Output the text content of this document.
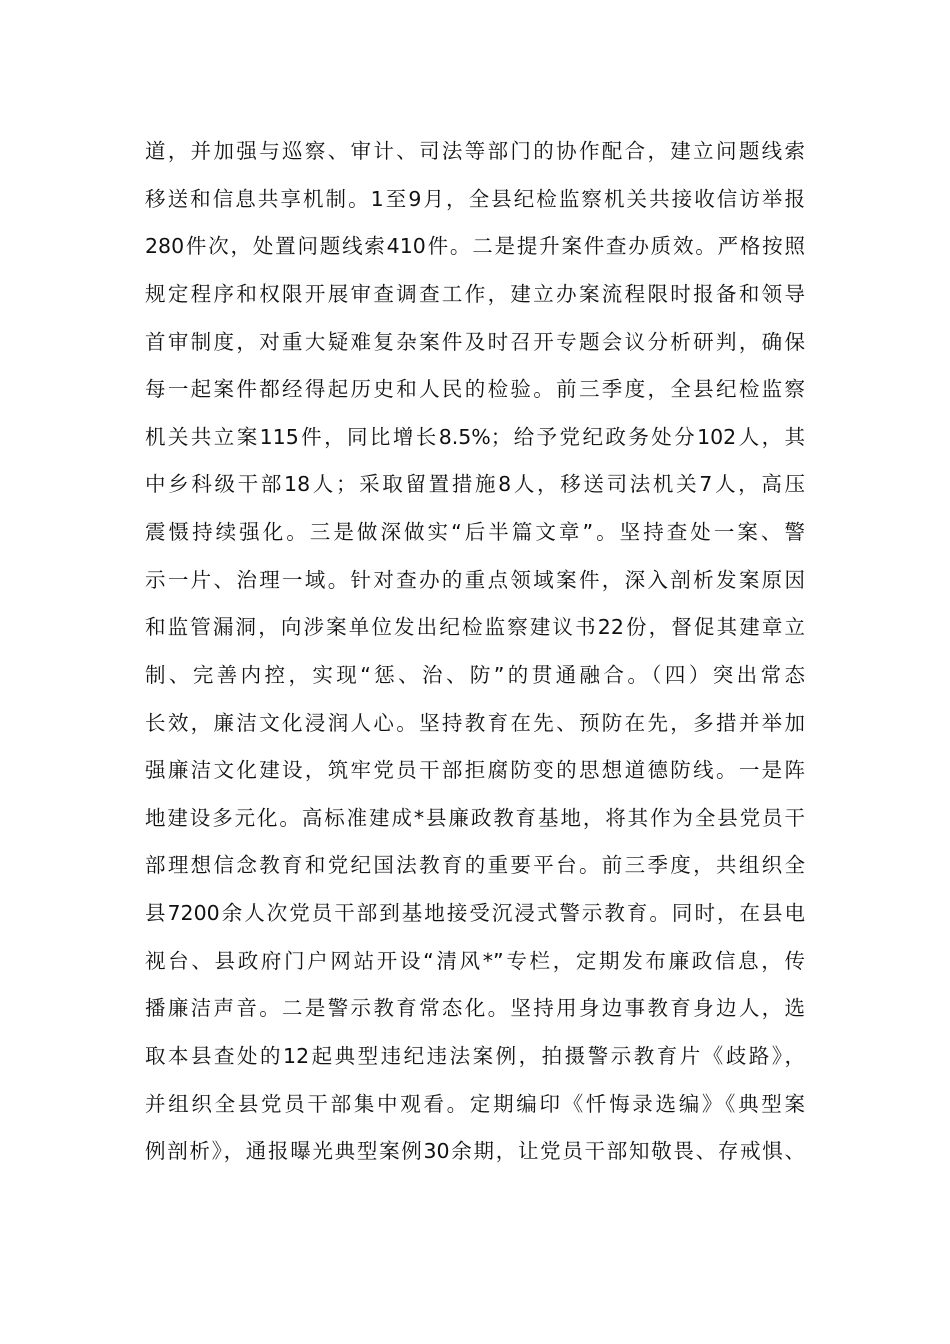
道，并加强与巡察、审计、司法等部门的协作配合，建立问题线索
移送和信息共享机制。1至9月，全县纪检监察机关共接收信访举报
280件次，处置问题线索410件。二是提升案件查办质效。严格按照
规定程序和权限开展审查调查工作，建立办案流程限时报备和领导
首审制度，对重大疑难复杂案件及时召开专题会议分析研判，确保
每一起案件都经得起历史和人民的检验。前三季度，全县纪检监察
机关共立案115件，同比增长8.5%；给予党纪政务处分102人，其
中乡科级干部18人；采取留置措施8人，移送司法机关7人，高压
震慑持续强化。三是做深做实“后半篇文章”。坚持查处一案、警
示一片、治理一域。针对查办的重点领域案件，深入剖析发案原因
和监管漏洞，向涉案单位发出纪检监察建议书22份，督促其建章立
制、完善内控，实现“惩、治、防”的贯通融合。（四）突出常态
长效，廉洁文化浸润人心。坚持教育在先、预防在先，多措并举加
强廉洁文化建设，筑牢党员干部拒腐防变的思想道德防线。一是阵
地建设多元化。高标准建成*县廉政教育基地，将其作为全县党员干
部理想信念教育和党纪国法教育的重要平台。前三季度，共组织全
县7200余人次党员干部到基地接受沉浸式警示教育。同时，在县电
视台、县政府门户网站开设“清风*”专栏，定期发布廉政信息，传
播廉洁声音。二是警示教育常态化。坚持用身边事教育身边人，选
取本县查处的12起典型违纪违法案例，拍摄警示教育片《歧路》，
并组织全县党员干部集中观看。定期编印《忏悔录选编》《典型案
例剖析》，通报曝光典型案例30余期，让党员干部知敬畏、存戒惧、
